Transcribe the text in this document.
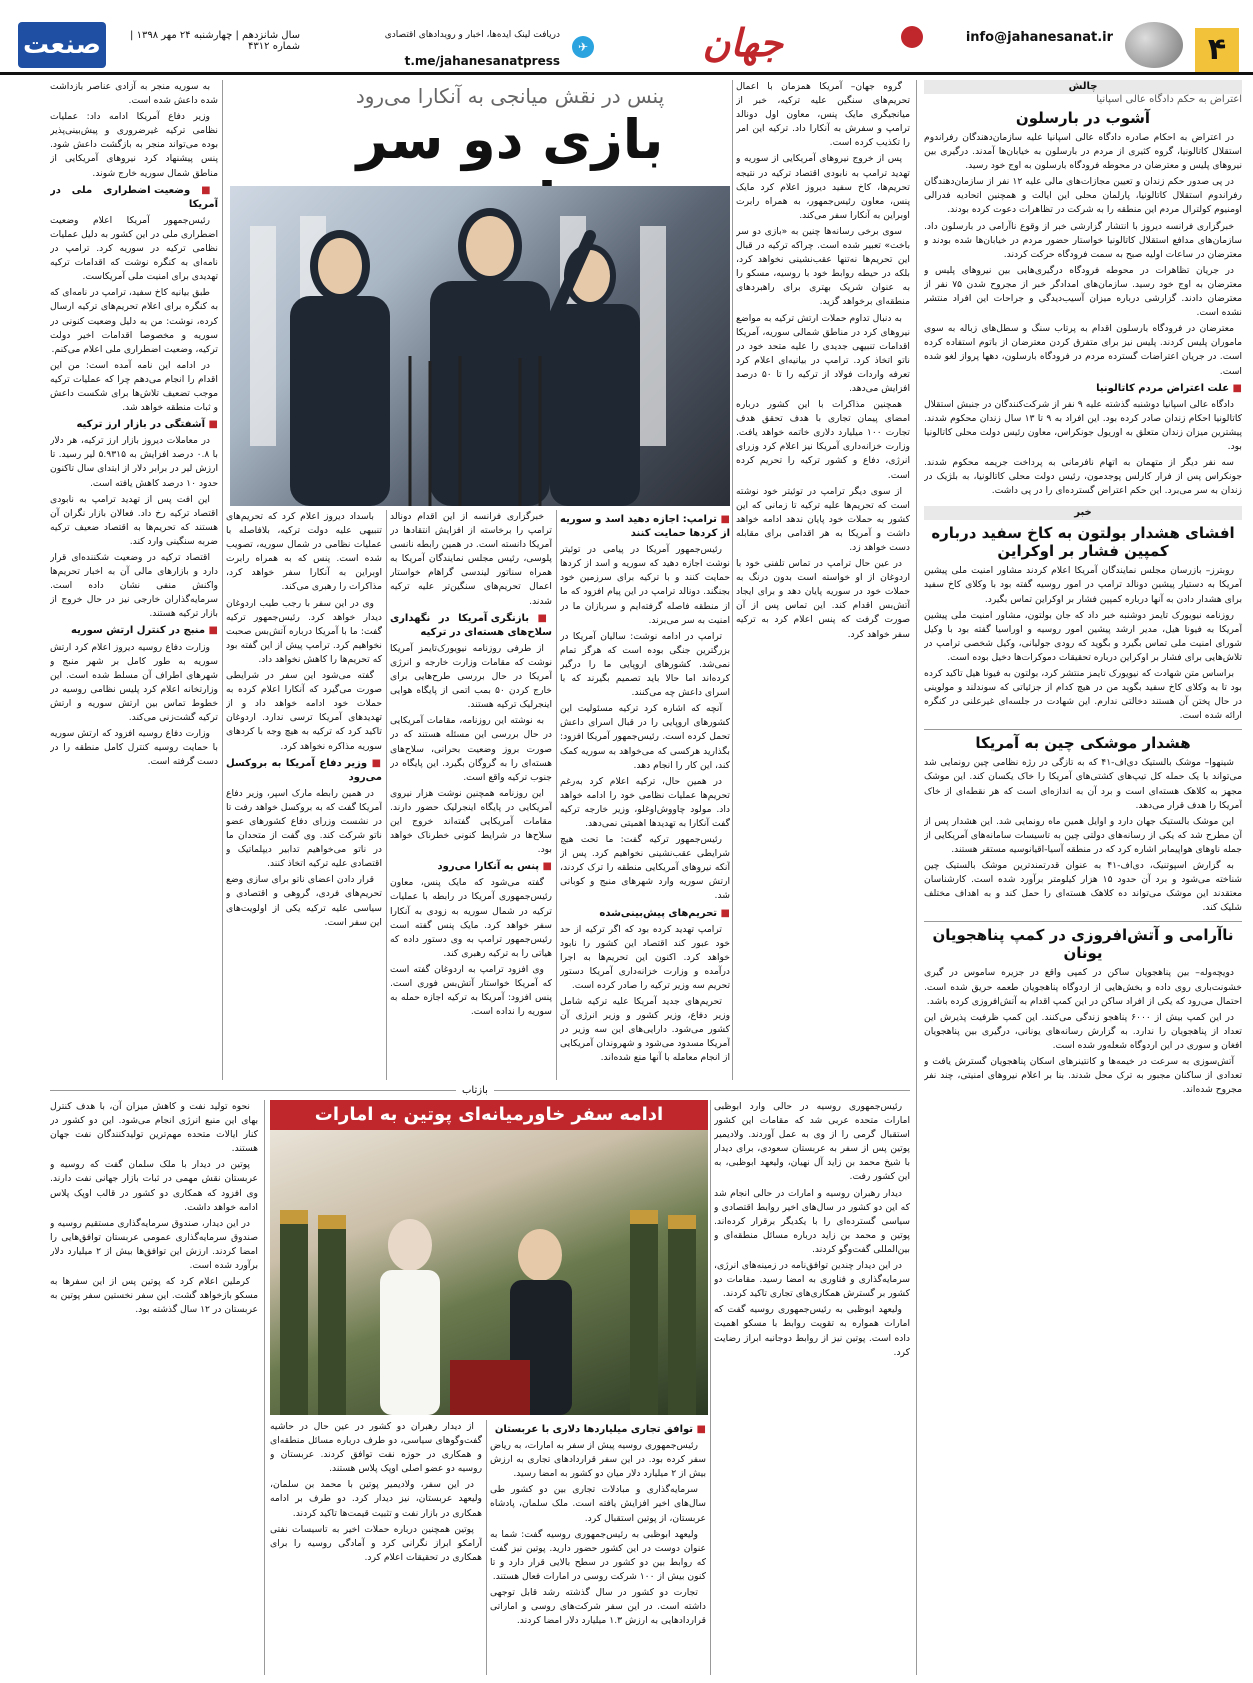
۴
info@jahanesanat.ir
جهان
✈
دریافت لینک ایده‌ها، اخبار و رویدادهای اقتصادی
t.me/jahanesanatpress
سال شانزدهم | چهارشنبه ۲۴ مهر ۱۳۹۸ | شماره ۴۳۱۲
صنعت
چالش
اعتراض به حکم دادگاه عالی اسپانیا
آشوب در بارسلون

در اعتراض به احکام صادره دادگاه عالی اسپانیا علیه سازمان‌دهندگان رفراندوم استقلال کاتالونیا، گروه کثیری از مردم در بارسلون به خیابان‌ها آمدند. درگیری بین نیروهای پلیس و معترضان در محوطه فرودگاه بارسلون به اوج خود رسید.

در پی صدور حکم زندان و تعیین مجازات‌های مالی علیه ۱۲ نفر از سازمان‌دهندگان رفراندوم استقلال کاتالونیا، پارلمان محلی این ایالت و همچنین اتحادیه فدرالی اومنیوم کولترال مردم این منطقه را به شرکت در تظاهرات دعوت کرده بودند.

خبرگزاری فرانسه دیروز با انتشار گزارشی خبر از وقوع ناآرامی در بارسلون داد. سازمان‌های مدافع استقلال کاتالونیا خواستار حضور مردم در خیابان‌ها شده بودند و معترضان در ساعات اولیه صبح به سمت فرودگاه حرکت کردند.

در جریان تظاهرات در محوطه فرودگاه درگیری‌هایی بین نیروهای پلیس و معترضان به اوج خود رسید. سازمان‌های امدادگر خبر از مجروح شدن ۷۵ نفر از معترضان دادند. گزارشی درباره میزان آسیب‌دیدگی و جراحات این افراد منتشر نشده است.

معترضان در فرودگاه بارسلون اقدام به پرتاب سنگ و سطل‌های زباله به سوی ماموران پلیس کردند. پلیس نیز برای متفرق کردن معترضان از باتوم استفاده کرده است. در جریان اعتراضات گسترده مردم در فرودگاه بارسلون، دهها پرواز لغو شده است.

■ علت اعتراض مردم کاتالونیا

دادگاه عالی اسپانیا دوشنبه گذشته علیه ۹ نفر از شرکت‌کنندگان در جنبش استقلال کاتالونیا احکام زندان صادر کرده بود. این افراد به ۹ تا ۱۳ سال زندان محکوم شدند. پیشترین میزان زندان متعلق به اوریول جونکراس، معاون رئیس دولت محلی کاتالونیا بود.

سه نفر دیگر از متهمان به اتهام نافرمانی به پرداخت جریمه محکوم شدند. جونکراس پس از فرار کارلس پوجدمون، رئیس دولت محلی کاتالونیا، به بلژیک در زندان به سر می‌برد. این حکم اعتراض گسترده‌ای را در پی داشت.

خبر
افشای هشدار بولتون به کاخ سفید درباره کمپین فشار بر اوکراین

روبترز– بازرسان مجلس نمایندگان آمریکا اعلام کردند مشاور امنیت ملی پیشین آمریکا به دستیار پیشین دونالد ترامپ در امور روسیه گفته بود با وکلای کاخ سفید برای هشدار دادن به آنها درباره کمپین فشار بر اوکراین تماس بگیرد.

روزنامه نیویورک تایمز دوشنبه خبر داد که جان بولتون، مشاور امنیت ملی پیشین آمریکا به فیونا هیل، مدیر ارشد پیشین امور روسیه و اوراسیا گفته بود با وکیل شورای امنیت ملی تماس بگیرد و بگوید که رودی جولیانی، وکیل شخصی ترامپ در تلاش‌هایی برای فشار بر اوکراین درباره تحقیقات دموکرات‌ها دخیل بوده است.

براساس متن شهادت که نیویورک تایمز منتشر کرد، بولتون به فیونا هیل تاکید کرده بود تا به وکلای کاخ سفید بگوید من در هیچ کدام از جزئیاتی که سوندلند و مولوینی در حال پختن آن هستند دخالتی ندارم. این شهادت در جلسه‌ای غیرعلنی در کنگره ارائه شده است.

هشدار موشکی چین به آمریکا

شینهوا– موشک بالستیک دی‌اف-۴۱ که به تازگی در رژه نظامی چین رونمایی شد می‌تواند با یک حمله کل تیپ‌های کشتی‌های آمریکا را خاک یکسان کند. این موشک مجهز به کلاهک هسته‌ای است و برد آن به اندازه‌ای است که هر نقطه‌ای از خاک آمریکا را هدف قرار می‌دهد.

این موشک بالستیک جهان دارد و اوایل همین ماه رونمایی شد. این هشدار پس از آن مطرح شد که یکی از رسانه‌های دولتی چین به تاسیسات سامانه‌های آمریکایی از جمله ناوهای هواپیمابر اشاره کرد که در منطقه آسیا-اقیانوسیه مستقر هستند.

به گزارش اسپوتنیک، دی‌اف-۴۱ به عنوان قدرتمندترین موشک بالستیک چین شناخته می‌شود و برد آن حدود ۱۵ هزار کیلومتر برآورد شده است. کارشناسان معتقدند این موشک می‌تواند ده کلاهک هسته‌ای را حمل کند و به اهداف مختلف شلیک کند.

ناآرامی و آتش‌افروزی در کمپ پناهجویان یونان

دویچه‌وله– بین پناهجویان ساکن در کمپی واقع در جزیره ساموس در گیری خشونت‌باری روی داده و بخش‌هایی از اردوگاه پناهجویان طعمه حریق شده است. احتمال می‌رود که یکی از افراد ساکن در این کمپ اقدام به آتش‌افروزی کرده باشد.

در این کمپ بیش از ۶۰۰۰ پناهجو زندگی می‌کنند. این کمپ ظرفیت پذیرش این تعداد از پناهجویان را ندارد. به گزارش رسانه‌های یونانی، درگیری بین پناهجویان افغان و سوری در این اردوگاه شعله‌ور شده است.

آتش‌سوزی به سرعت در خیمه‌ها و کانتینرهای اسکان پناهجویان گسترش یافت و تعدادی از ساکنان مجبور به ترک محل شدند. بنا بر اعلام نیروهای امنیتی، چند نفر مجروح شده‌اند.

پنس در نقش میانجی به آنکارا می‌رود
بازی دو سر

گروه جهان– آمریکا همزمان با اعمال تحریم‌های سنگین علیه ترکیه، خبر از میانجیگری مایک پنس، معاون اول دونالد ترامپ و سفرش به آنکارا داد. ترکیه این امر را تکذیب کرده است.

پس از خروج نیروهای آمریکایی از سوریه و تهدید ترامپ به نابودی اقتصاد ترکیه در نتیجه تحریم‌ها، کاخ سفید دیروز اعلام کرد مایک پنس، معاون رئیس‌جمهور، به همراه رابرت اوبراین به آنکارا سفر می‌کند.

سوی برخی رسانه‌ها چنین به «بازی دو سر باخت» تعبیر شده است. چراکه ترکیه در قبال این تحریم‌ها نه‌تنها عقب‌نشینی نخواهد کرد، بلکه در حیطه روابط خود با روسیه، مسکو را به عنوان شریک بهتری برای راهبردهای منطقه‌ای برخواهد گزید.

به دنبال تداوم حملات ارتش ترکیه به مواضع نیروهای کرد در مناطق شمالی سوریه، آمریکا اقدامات تنبیهی جدیدی را علیه متحد خود در ناتو اتخاذ کرد. ترامپ در بیانیه‌ای اعلام کرد تعرفه واردات فولاد از ترکیه را تا ۵۰ درصد افزایش می‌دهد.

همچنین مذاکرات با این کشور درباره امضای پیمان تجاری با هدف تحقق هدف تجارت ۱۰۰ میلیارد دلاری خاتمه خواهد یافت. وزارت خزانه‌داری آمریکا نیز اعلام کرد وزرای انرژی، دفاع و کشور ترکیه را تحریم کرده است.

از سوی دیگر ترامپ در توئیتر خود نوشته است که تحریم‌ها علیه ترکیه تا زمانی که این کشور به حملات خود پایان ندهد ادامه خواهد داشت و آمریکا به هر اقدامی برای مقابله دست خواهد زد.

در عین حال ترامپ در تماس تلفنی خود با اردوغان از او خواسته است بدون درنگ به حملات خود در سوریه پایان دهد و برای ایجاد آتش‌بس اقدام کند. این تماس پس از آن صورت گرفت که پنس اعلام کرد به ترکیه سفر خواهد کرد.

■ ترامپ: اجازه دهید اسد و سوریه از کردها حمایت کنند

رئیس‌جمهور آمریکا در پیامی در توئیتر نوشت اجازه دهید که سوریه و اسد از کردها حمایت کنند و با ترکیه برای سرزمین خود بجنگند. دونالد ترامپ در این پیام افزود که ما از منطقه فاصله گرفته‌ایم و سربازان ما در امنیت به سر می‌برند.

ترامپ در ادامه نوشت: سالیان آمریکا در بزرگترین جنگی بوده است که هرگز تمام نمی‌شد. کشورهای اروپایی ما را درگیر کرده‌اند اما حالا باید تصمیم بگیرند که با اسرای داعش چه می‌کنند.

آنچه که اشاره کرد ترکیه مسئولیت این کشورهای اروپایی را در قبال اسرای داعش تحمل کرده است. رئیس‌جمهور آمریکا افزود: بگذارید هرکسی که می‌خواهد به سوریه کمک کند، این کار را انجام دهد.

در همین حال، ترکیه اعلام کرد به‌رغم تحریم‌ها عملیات نظامی خود را ادامه خواهد داد. مولود چاووش‌اوغلو، وزیر خارجه ترکیه گفت آنکارا به تهدیدها اهمیتی نمی‌دهد.

رئیس‌جمهور ترکیه گفت: ما تحت هیچ شرایطی عقب‌نشینی نخواهیم کرد. پس از آنکه نیروهای آمریکایی منطقه را ترک کردند، ارتش سوریه وارد شهرهای منبج و کوبانی شد.

■ تحریم‌های پیش‌بینی‌شده

ترامپ تهدید کرده بود که اگر ترکیه از حد خود عبور کند اقتصاد این کشور را نابود خواهد کرد. اکنون این تحریم‌ها به اجرا درآمده و وزارت خزانه‌داری آمریکا دستور تحریم سه وزیر ترکیه را صادر کرده است.

تحریم‌های جدید آمریکا علیه ترکیه شامل وزیر دفاع، وزیر کشور و وزیر انرژی آن کشور می‌شود. دارایی‌های این سه وزیر در آمریکا مسدود می‌شود و شهروندان آمریکایی از انجام معامله با آنها منع شده‌اند.

خبرگزاری فرانسه از این اقدام دونالد ترامپ را برخاسته از افزایش انتقادها در آمریکا دانسته است. در همین رابطه نانسی پلوسی، رئیس مجلس نمایندگان آمریکا به همراه سناتور لیندسی گراهام خواستار اعمال تحریم‌های سنگین‌تر علیه ترکیه شدند.

■ بازنگری آمریکا در نگهداری سلاح‌های هسته‌ای در ترکیه

از طرفی روزنامه نیویورک‌تایمز آمریکا نوشت که مقامات وزارت خارجه و انرژی آمریکا در حال بررسی طرح‌هایی برای خارج کردن ۵۰ بمب اتمی از پایگاه هوایی اینجرلیک ترکیه هستند.

به نوشته این روزنامه، مقامات آمریکایی در حال بررسی این مسئله هستند که در صورت بروز وضعیت بحرانی، سلاح‌های هسته‌ای را به گروگان بگیرد. این پایگاه در جنوب ترکیه واقع است.

این روزنامه همچنین نوشت هزار نیروی آمریکایی در پایگاه اینجرلیک حضور دارند. مقامات آمریکایی گفته‌اند خروج این سلاح‌ها در شرایط کنونی خطرناک خواهد بود.

■ پنس به آنکارا می‌رود

گفته می‌شود که مایک پنس، معاون رئیس‌جمهوری آمریکا در رابطه با عملیات ترکیه در شمال سوریه به زودی به آنکارا سفر خواهد کرد. مایک پنس گفته است رئیس‌جمهور ترامپ به وی دستور داده که هیاتی را به ترکیه رهبری کند.

وی افزود ترامپ به اردوغان گفته است که آمریکا خواستار آتش‌بس فوری است. پنس افزود: آمریکا به ترکیه اجازه حمله به سوریه را نداده است.

باسداد دیروز اعلام کرد که تحریم‌های تنبیهی علیه دولت ترکیه، بلافاصله با عملیات نظامی در شمال سوریه، تصویب شده است. پنس که به همراه رابرت اوبراین به آنکارا سفر خواهد کرد، مذاکرات را رهبری می‌کند.

وی در این سفر با رجب طیب اردوغان دیدار خواهد کرد. رئیس‌جمهور ترکیه گفت: ما با آمریکا درباره آتش‌بس صحبت نخواهیم کرد. ترامپ پیش از این گفته بود که تحریم‌ها را کاهش نخواهد داد.

گفته می‌شود این سفر در شرایطی صورت می‌گیرد که آنکارا اعلام کرده به حملات خود ادامه خواهد داد و از تهدیدهای آمریکا ترسی ندارد. اردوغان تاکید کرد که ترکیه به هیچ وجه با کردهای سوریه مذاکره نخواهد کرد.

■ وزیر دفاع آمریکا به بروکسل می‌رود

در همین رابطه مارک اسپر، وزیر دفاع آمریکا گفت که به بروکسل خواهد رفت تا در نشست وزرای دفاع کشورهای عضو ناتو شرکت کند. وی گفت از متحدان ما در ناتو می‌خواهیم تدابیر دیپلماتیک و اقتصادی علیه ترکیه اتخاذ کنند.

قرار دادن اعضای ناتو برای سازی وضع تحریم‌های فردی، گروهی و اقتصادی و سیاسی علیه ترکیه یکی از اولویت‌های این سفر است.

به سوریه منجر به آزادی عناصر بازداشت شده داعش شده است.

وزیر دفاع آمریکا ادامه داد: عملیات نظامی ترکیه غیرضروری و پیش‌بینی‌پذیر بوده می‌تواند منجر به بازگشت داعش شود. پنس پیشنهاد کرد نیروهای آمریکایی از مناطق شمال سوریه خارج شوند.

■ وضعیت اضطراری ملی در آمریکا

رئیس‌جمهور آمریکا اعلام وضعیت اضطراری ملی در این کشور به دلیل عملیات نظامی ترکیه در سوریه کرد. ترامپ در نامه‌ای به کنگره نوشت که اقدامات ترکیه تهدیدی برای امنیت ملی آمریکاست.

طبق بیانیه کاخ سفید، ترامپ در نامه‌ای که به کنگره برای اعلام تحریم‌های ترکیه ارسال کرده، نوشت: من به دلیل وضعیت کنونی در سوریه و مخصوصا اقدامات اخیر دولت ترکیه، وضعیت اضطراری ملی اعلام می‌کنم.

در ادامه این نامه آمده است: من این اقدام را انجام می‌دهم چرا که عملیات ترکیه موجب تضعیف تلاش‌ها برای شکست داعش و ثبات منطقه خواهد شد.

■ آشفتگی در بازار ارز ترکیه

در معاملات دیروز بازار ارز ترکیه، هر دلار با ۰.۸ درصد افزایش به ۵.۹۳۱۵ لیر رسید. تا ارزش لیر در برابر دلار از ابتدای سال تاکنون حدود ۱۰ درصد کاهش یافته است.

این افت پس از تهدید ترامپ به نابودی اقتصاد ترکیه رخ داد. فعالان بازار نگران آن هستند که تحریم‌ها به اقتصاد ضعیف ترکیه ضربه سنگینی وارد کند.

اقتصاد ترکیه در وضعیت شکننده‌ای قرار دارد و بازارهای مالی آن به اخبار تحریم‌ها واکنش منفی نشان داده است. سرمایه‌گذاران خارجی نیز در حال خروج از بازار ترکیه هستند.

■ منبج در کنترل ارتش سوریه

وزارت دفاع روسیه دیروز اعلام کرد ارتش سوریه به طور کامل بر شهر منبج و شهرهای اطراف آن مسلط شده است. این وزارتخانه اعلام کرد پلیس نظامی روسیه در خطوط تماس بین ارتش سوریه و ارتش ترکیه گشت‌زنی می‌کند.

وزارت دفاع روسیه افزود که ارتش سوریه با حمایت روسیه کنترل کامل منطقه را در دست گرفته است.

بازتاب
ادامه سفر خاورمیانه‌ای پوتین به امارات	رئیس‌جمهوری روسیه در حالی وارد ابوظبی امارات متحده عربی شد که مقامات این کشور استقبال گرمی را از وی به عمل آوردند. ولادیمیر پوتین پس از سفر به عربستان سعودی، برای دیدار با شیخ محمد بن زاید آل نهیان، ولیعهد ابوظبی، به این کشور رفت.

دیدار رهبران روسیه و امارات در حالی انجام شد که این دو کشور در سال‌های اخیر روابط اقتصادی و سیاسی گسترده‌ای را با یکدیگر برقرار کرده‌اند. پوتین و محمد بن زاید درباره مسائل منطقه‌ای و بین‌المللی گفت‌وگو کردند.

در این دیدار چندین توافق‌نامه در زمینه‌های انرژی، سرمایه‌گذاری و فناوری به امضا رسید. مقامات دو کشور بر گسترش همکاری‌های تجاری تاکید کردند.

ولیعهد ابوظبی به رئیس‌جمهوری روسیه گفت که امارات همواره به تقویت روابط با مسکو اهمیت داده است. پوتین نیز از روابط دوجانبه ابراز رضایت کرد.

■ توافق تجاری میلیاردها دلاری با عربستان

رئیس‌جمهوری روسیه پیش از سفر به امارات، به ریاض سفر کرده بود. در این سفر قراردادهای تجاری به ارزش بیش از ۲ میلیارد دلار میان دو کشور به امضا رسید.

سرمایه‌گذاری و مبادلات تجاری بین دو کشور طی سال‌های اخیر افزایش یافته است. ملک سلمان، پادشاه عربستان، از پوتین استقبال کرد.

ولیعهد ابوظبی به رئیس‌جمهوری روسیه گفت: شما به عنوان دوست در این کشور حضور دارید. پوتین نیز گفت که روابط بین دو کشور در سطح بالایی قرار دارد و تا کنون بیش از ۱۰۰ شرکت روسی در امارات فعال هستند.

تجارت دو کشور در سال گذشته رشد قابل توجهی داشته است. در این سفر شرکت‌های روسی و اماراتی قراردادهایی به ارزش ۱.۳ میلیارد دلار امضا کردند.

از دیدار رهبران دو کشور در عین حال در حاشیه گفت‌وگوهای سیاسی، دو طرف درباره مسائل منطقه‌ای و همکاری در حوزه نفت توافق کردند. عربستان و روسیه دو عضو اصلی اوپک پلاس هستند.

در این سفر، ولادیمیر پوتین با محمد بن سلمان، ولیعهد عربستان، نیز دیدار کرد. دو طرف بر ادامه همکاری در بازار نفت و تثبیت قیمت‌ها تاکید کردند.

پوتین همچنین درباره حملات اخیر به تاسیسات نفتی آرامکو ابراز نگرانی کرد و آمادگی روسیه را برای همکاری در تحقیقات اعلام کرد.

نحوه تولید نفت و کاهش میزان آن، با هدف کنترل بهای این منبع انرژی انجام می‌شود. این دو کشور در کنار ایالات متحده مهم‌ترین تولیدکنندگان نفت جهان هستند.

پوتین در دیدار با ملک سلمان گفت که روسیه و عربستان نقش مهمی در ثبات بازار جهانی نفت دارند. وی افزود که همکاری دو کشور در قالب اوپک پلاس ادامه خواهد داشت.

در این دیدار، صندوق سرمایه‌گذاری مستقیم روسیه و صندوق سرمایه‌گذاری عمومی عربستان توافق‌هایی را امضا کردند. ارزش این توافق‌ها بیش از ۲ میلیارد دلار برآورد شده است.

کرملین اعلام کرد که پوتین پس از این سفرها به مسکو بازخواهد گشت. این سفر نخستین سفر پوتین به عربستان در ۱۲ سال گذشته بود.
